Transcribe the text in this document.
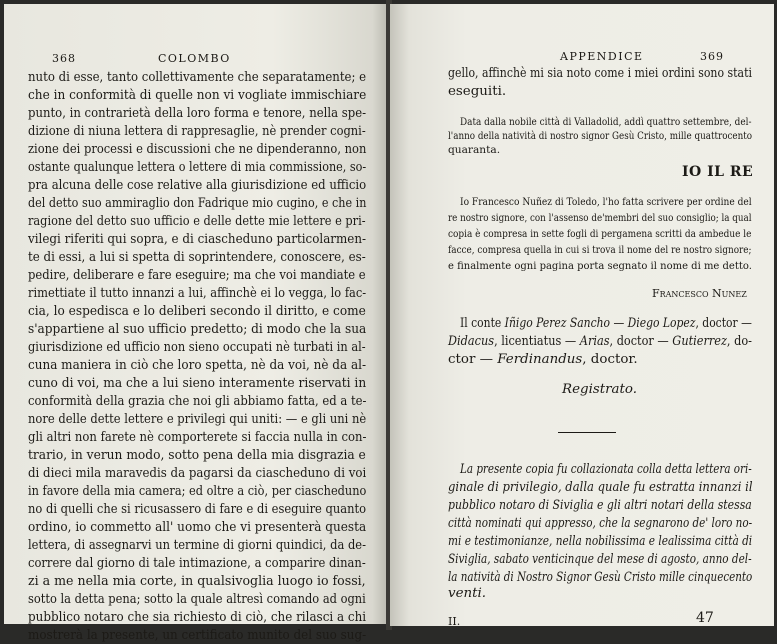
368	COLOMBO
nuto di esse, tanto collettivamente che separatamente; e
che in conformità di quelle non vi vogliate immischiare
punto, in contrarietà della loro forma e tenore, nella spe-
dizione di niuna lettera di rappresaglie, nè prender cogni-
zione dei processi e discussioni che ne dipenderanno, non
ostante qualunque lettera o lettere di mia commissione, so-
pra alcuna delle cose relative alla giurisdizione ed ufficio
del detto suo ammiraglio don Fadrique mio cugino, e che in
ragione del detto suo ufficio e delle dette mie lettere e pri-
vilegi riferiti qui sopra, e di ciascheduno particolarmen-
te di essi, a lui si spetta di soprintendere, conoscere, es-
pedire, deliberare e fare eseguire; ma che voi mandiate e
rimettiate il tutto innanzi a lui, affinchè ei lo vegga, lo fac-
cia, lo espedisca e lo deliberi secondo il diritto, e come
s'appartiene al suo ufficio predetto; di modo che la sua
giurisdizione ed ufficio non sieno occupati nè turbati in al-
cuna maniera in ciò che loro spetta, nè da voi, nè da al-
cuno di voi, ma che a lui sieno interamente riservati in
conformità della grazia che noi gli abbiamo fatta, ed a te-
nore delle dette lettere e privilegi qui uniti: — e gli uni nè
gli altri non farete nè comporterete si faccia nulla in con-
trario, in verun modo, sotto pena della mia disgrazia e
di dieci mila maravedis da pagarsi da ciascheduno di voi
in favore della mia camera; ed oltre a ciò, per ciascheduno
no di quelli che si ricusassero di fare e di eseguire quanto
ordino, io commetto all' uomo che vi presenterà questa
lettera, di assegnarvi un termine di giorni quindici, da de-
correre dal giorno di tale intimazione, a comparire dinan-
zi a me nella mia corte, in qualsivoglia luogo io fossi,
sotto la detta pena; sotto la quale altresì comando ad ogni
pubblico notaro che sia richiesto di ciò, che rilasci a chi
mostrerà la presente, un certificato munito del suo sug-
APPENDICE	369
gello, affinchè mi sia noto come i miei ordini sono stati
eseguiti.
Data dalla nobile città di Valladolid, addì quattro settembre, del-
l'anno della natività di nostro signor Gesù Cristo, mille quattrocento
quaranta.
IO IL RE
Io Francesco Nuñez di Toledo, l'ho fatta scrivere per ordine del
re nostro signore, con l'assenso de'membri del suo consiglio; la qual
copia è compresa in sette fogli di pergamena scritti da ambedue le
facce, compresa quella in cui si trova il nome del re nostro signore;
e finalmente ogni pagina porta segnato il nome di me detto.
Francesco Nunez
Il conte Iñigo Perez Sancho — Diego Lopez, doctor —
Didacus, licentiatus — Arias, doctor — Gutierrez, do-
ctor — Ferdinandus, doctor.
Registrato.
La presente copia fu collazionata colla detta lettera ori-
ginale di privilegio, dalla quale fu estratta innanzi il
pubblico notaro di Siviglia e gli altri notari della stessa
città nominati qui appresso, che la segnarono de' loro no-
mi e testimonianze, nella nobilissima e lealissima città di
Siviglia, sabato venticinque del mese di agosto, anno del-
la natività di Nostro Signor Gesù Cristo mille cinquecento
venti.
II.	47
